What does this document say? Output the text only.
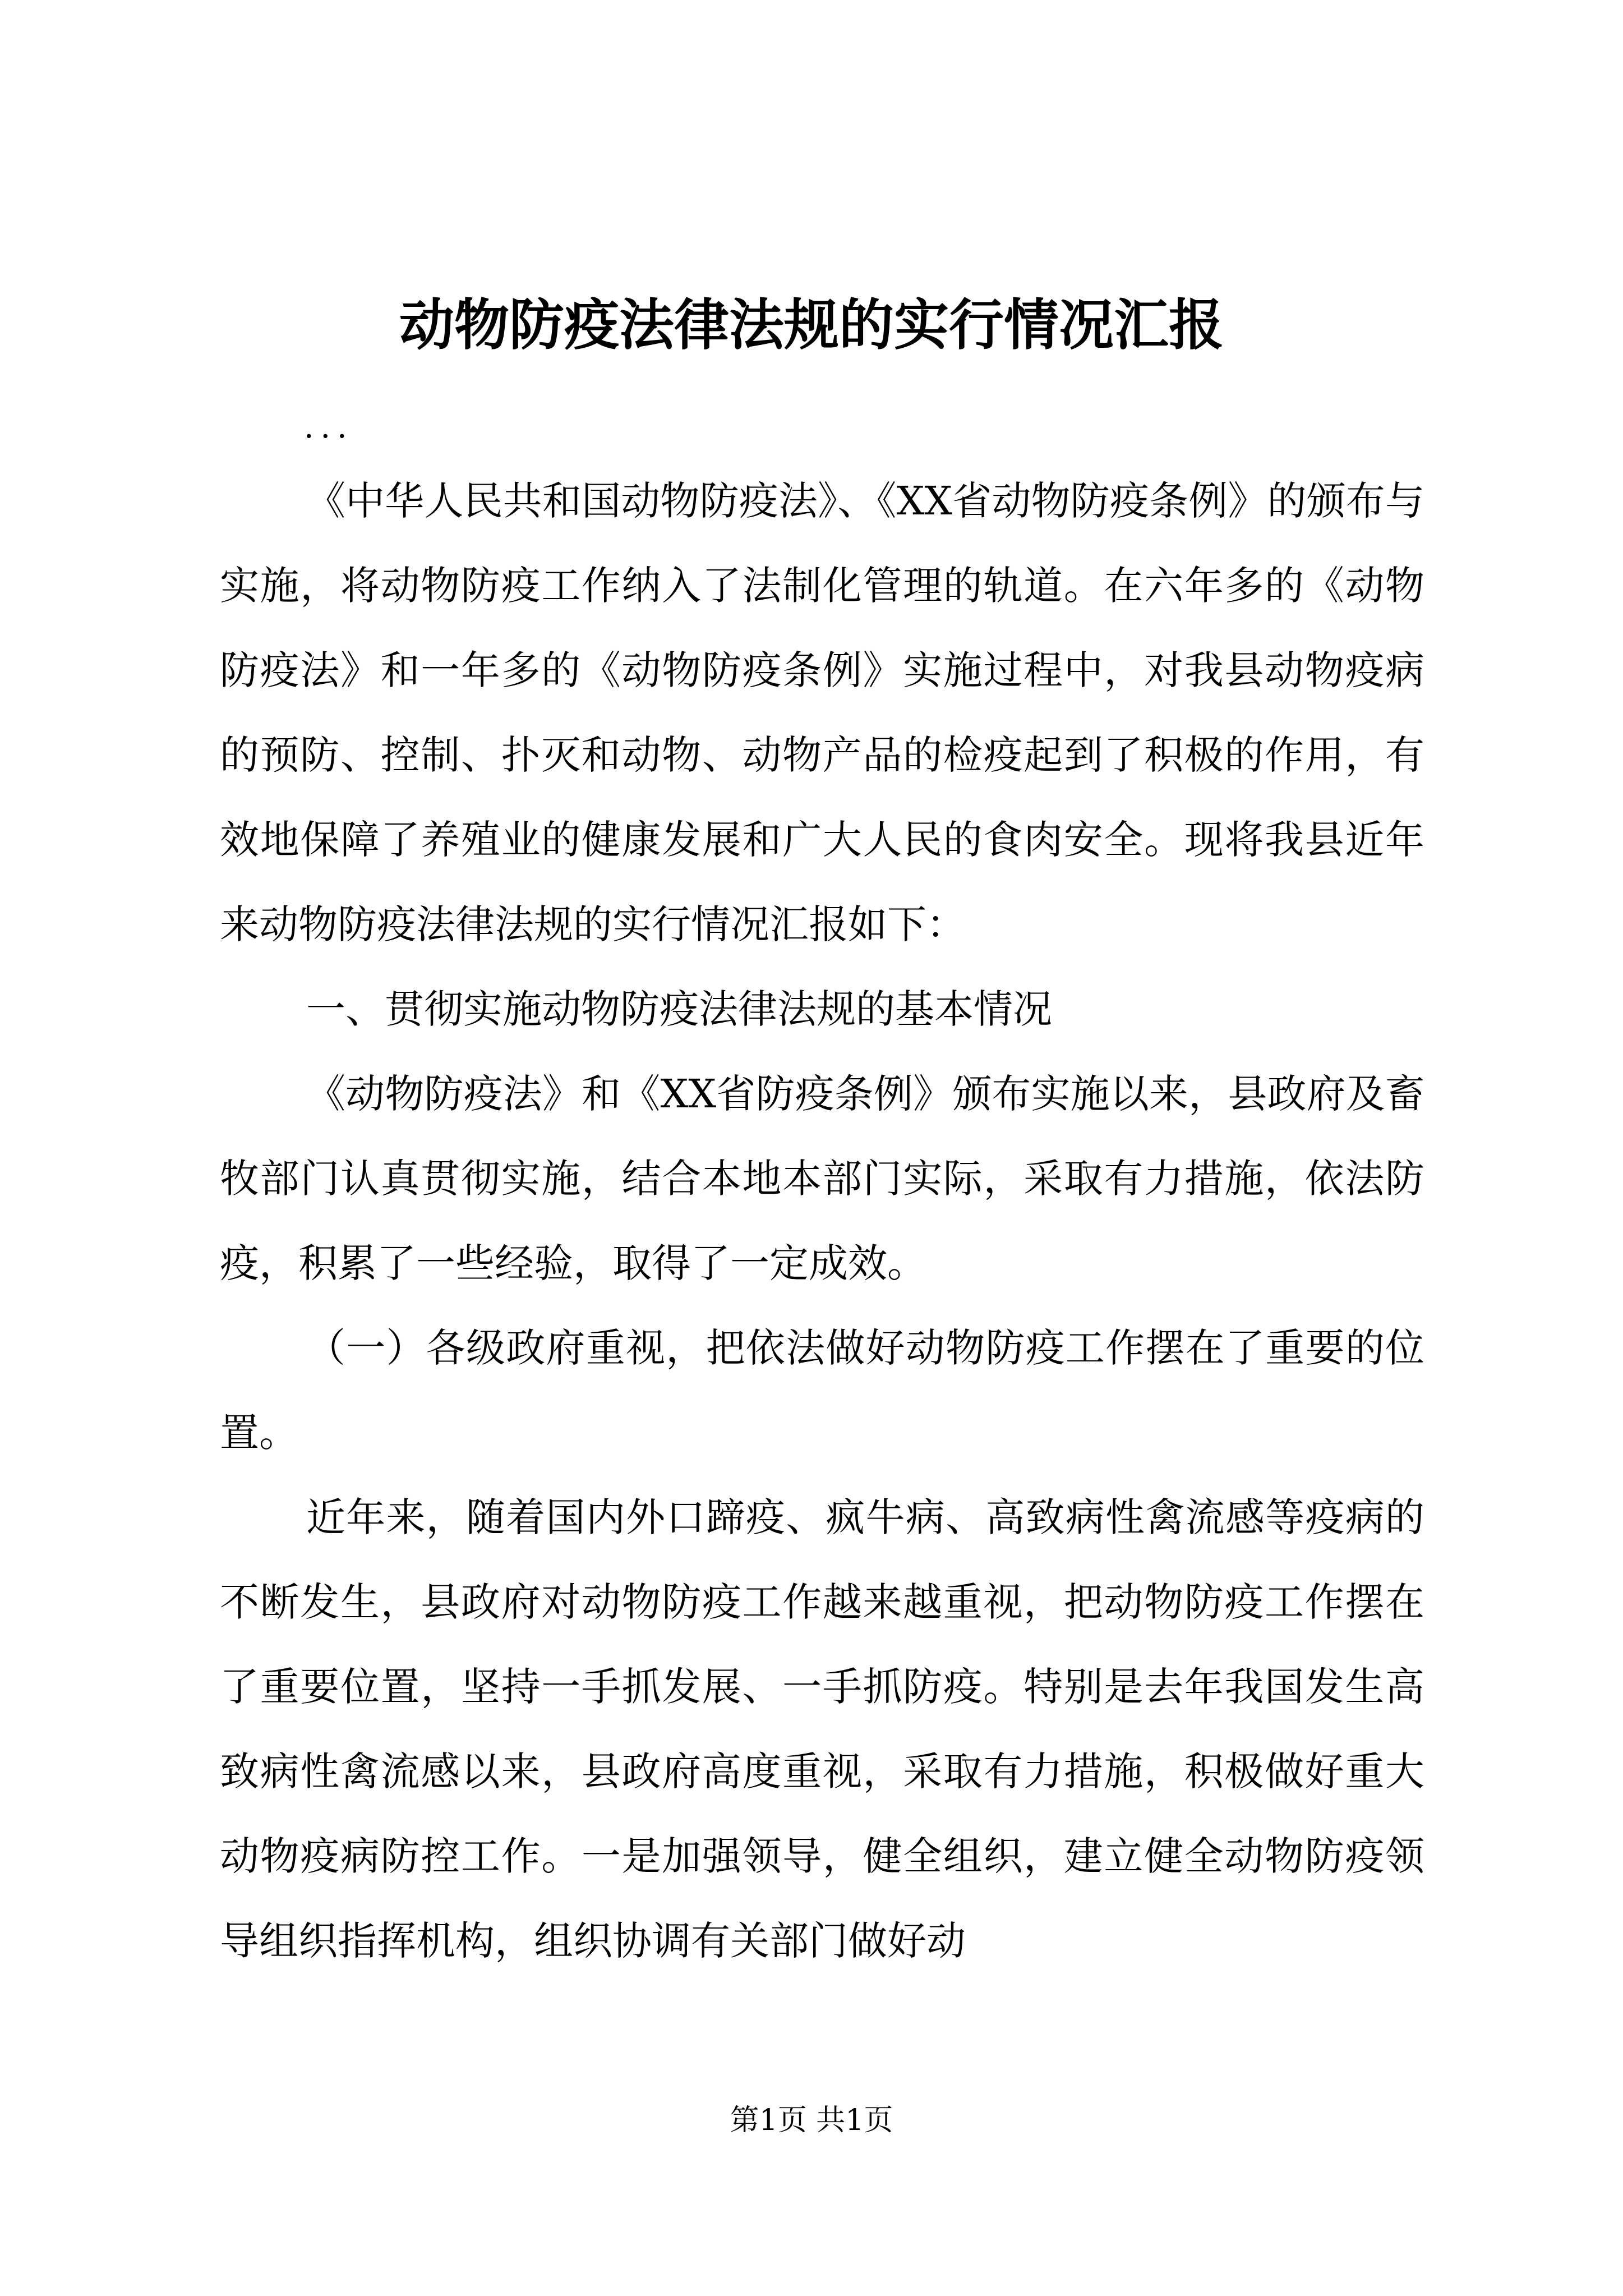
动物防疫法律法规的实行情况汇报
...

《中华人民共和国动物防疫法》、《XX省动物防疫条例》的颁布与实施，将动物防疫工作纳入了法制化管理的轨道。在六年多的《动物防疫法》和一年多的《动物防疫条例》实施过程中，对我县动物疫病的预防、控制、扑灭和动物、动物产品的检疫起到了积极的作用，有效地保障了养殖业的健康发展和广大人民的食肉安全。现将我县近年来动物防疫法律法规的实行情况汇报如下：

一、贯彻实施动物防疫法律法规的基本情况

《动物防疫法》和《XX省防疫条例》颁布实施以来，县政府及畜牧部门认真贯彻实施，结合本地本部门实际，采取有力措施，依法防疫，积累了一些经验，取得了一定成效。

（一）各级政府重视，把依法做好动物防疫工作摆在了重要的位置。

近年来，随着国内外口蹄疫、疯牛病、高致病性禽流感等疫病的不断发生，县政府对动物防疫工作越来越重视，把动物防疫工作摆在了重要位置，坚持一手抓发展、一手抓防疫。特别是去年我国发生高致病性禽流感以来，县政府高度重视，采取有力措施，积极做好重大动物疫病防控工作。一是加强领导，健全组织，建立健全动物防疫领导组织指挥机构，组织协调有关部门做好动

第1页 共1页
